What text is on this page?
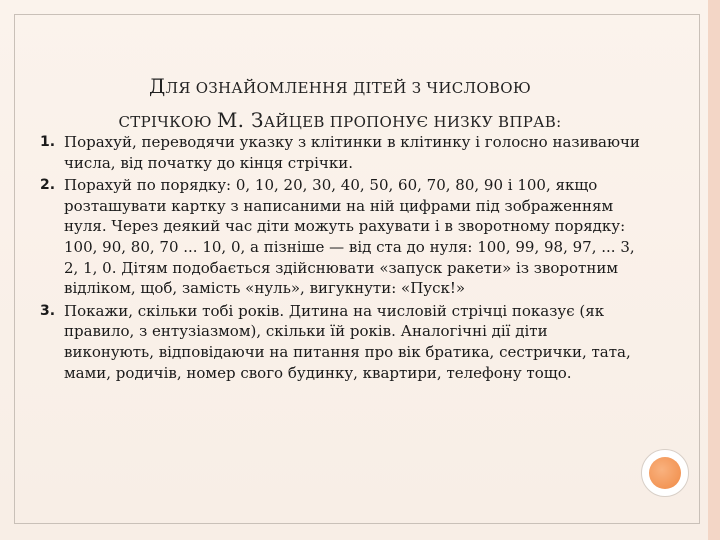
ДЛЯ ОЗНАЙОМЛЕННЯ ДІТЕЙ З ЧИСЛОВОЮ
СТРІЧКОЮ М. ЗАЙЦЕВ ПРОПОНУЄ НИЗКУ ВПРАВ:
1. Порахуй, переводячи указку з клітинки в клітинку і голосно називаючи числа, від початку до кінця стрічки.
2. Порахуй по порядку: 0, 10, 20, 30, 40, 50, 60, 70, 80, 90 і 100, якщо розташувати картку з написаними на ній цифрами під зображенням нуля. Через деякий час діти можуть рахувати і в зворотному порядку: 100, 90, 80, 70 ... 10, 0, а пізніше — від ста до нуля: 100, 99, 98, 97, ... 3, 2, 1, 0. Дітям подобається здійснювати «запуск ракети» із зворотним відліком, щоб, замість «нуль», вигукнути: «Пуск!»
3. Покажи, скільки тобі років. Дитина на числовій стрічці показує (як правило, з ентузіазмом), скільки їй років. Аналогічні дії діти виконують, відповідаючи на питання про вік братика, сестрички, тата, мами, родичів, номер свого будинку, квартири, телефону тощо.
